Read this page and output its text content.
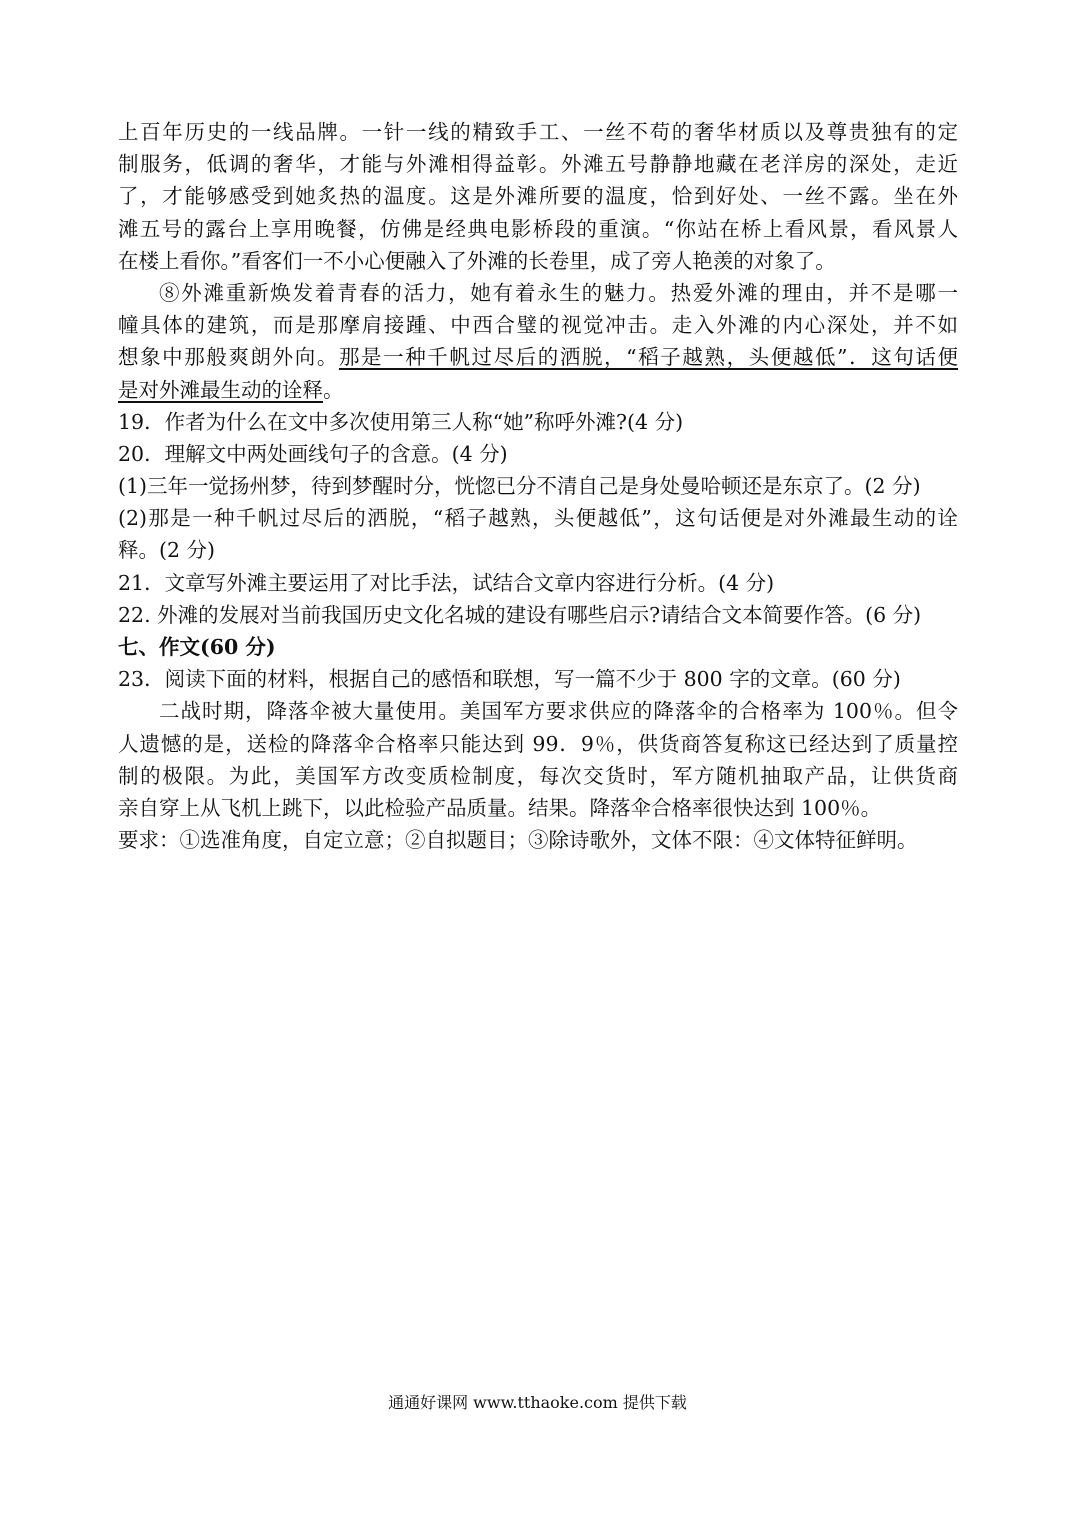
上百年历史的一线品牌。一针一线的精致手工、一丝不苟的奢华材质以及尊贵独有的定
制服务，低调的奢华，才能与外滩相得益彰。外滩五号静静地藏在老洋房的深处，走近
了，才能够感受到她炙热的温度。这是外滩所要的温度，恰到好处、一丝不露。坐在外
滩五号的露台上享用晚餐，仿佛是经典电影桥段的重演。“你站在桥上看风景，看风景人
在楼上看你。”看客们一不小心便融入了外滩的长卷里，成了旁人艳羡的对象了。
⑧外滩重新焕发着青春的活力，她有着永生的魅力。热爱外滩的理由，并不是哪一
幢具体的建筑，而是那摩肩接踵、中西合璧的视觉冲击。走入外滩的内心深处，并不如
想象中那般爽朗外向。那是一种千帆过尽后的洒脱，“稻子越熟，头便越低”．这句话便
是对外滩最生动的诠释。
19．作者为什么在文中多次使用第三人称“她”称呼外滩?(4 分)
20．理解文中两处画线句子的含意。(4 分)
(1)三年一觉扬州梦，待到梦醒时分，恍惚已分不清自己是身处曼哈顿还是东京了。(2 分)
(2)那是一种千帆过尽后的洒脱，“稻子越熟，头便越低”，这句话便是对外滩最生动的诠
释。(2 分)
21．文章写外滩主要运用了对比手法，试结合文章内容进行分析。(4 分)
22. 外滩的发展对当前我国历史文化名城的建设有哪些启示?请结合文本简要作答。(6 分)
七、作文(60 分)
23．阅读下面的材料，根据自己的感悟和联想，写一篇不少于 800 字的文章。(60 分)
二战时期，降落伞被大量使用。美国军方要求供应的降落伞的合格率为 100％。但令
人遗憾的是，送检的降落伞合格率只能达到 99．9％，供货商答复称这已经达到了质量控
制的极限。为此，美国军方改变质检制度，每次交货时，军方随机抽取产品，让供货商
亲自穿上从飞机上跳下，以此检验产品质量。结果。降落伞合格率很快达到 100％。
要求：①选准角度，自定立意；②自拟题目；③除诗歌外，文体不限：④文体特征鲜明。
通通好课网 www.tthaoke.com 提供下载
